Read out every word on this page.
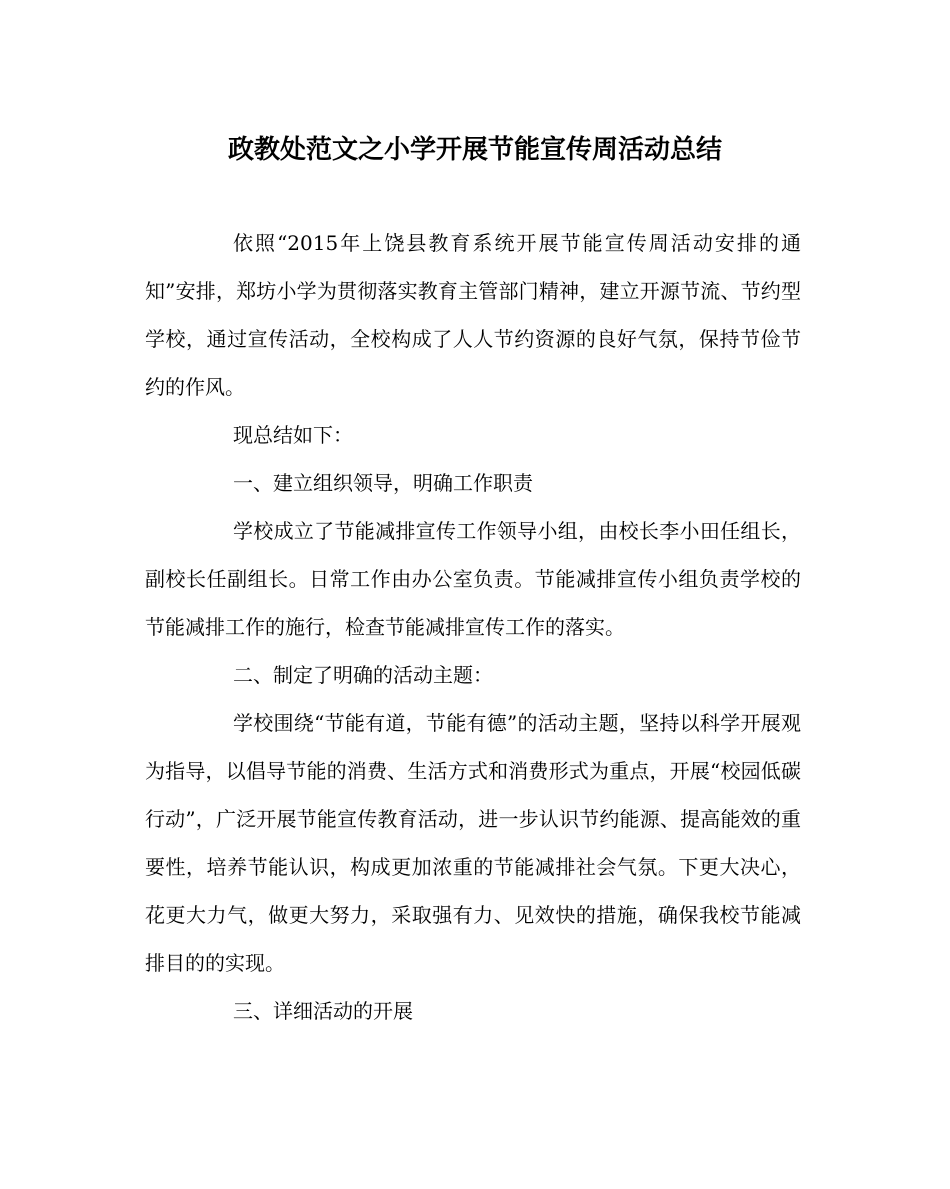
政教处范文之小学开展节能宣传周活动总结

依照“2015年上饶县教育系统开展节能宣传周活动安排的通知”安排，郑坊小学为贯彻落实教育主管部门精神，建立开源节流、节约型学校，通过宣传活动，全校构成了人人节约资源的良好气氛，保持节俭节约的作风。

现总结如下：

一、建立组织领导，明确工作职责

学校成立了节能减排宣传工作领导小组，由校长李小田任组长，副校长任副组长。日常工作由办公室负责。节能减排宣传小组负责学校的节能减排工作的施行，检查节能减排宣传工作的落实。

二、制定了明确的活动主题：

学校围绕“节能有道，节能有德”的活动主题，坚持以科学开展观为指导，以倡导节能的消费、生活方式和消费形式为重点，开展“校园低碳行动”，广泛开展节能宣传教育活动，进一步认识节约能源、提高能效的重要性，培养节能认识，构成更加浓重的节能减排社会气氛。下更大决心，花更大力气，做更大努力，采取强有力、见效快的措施，确保我校节能减排目的的实现。

三、详细活动的开展
